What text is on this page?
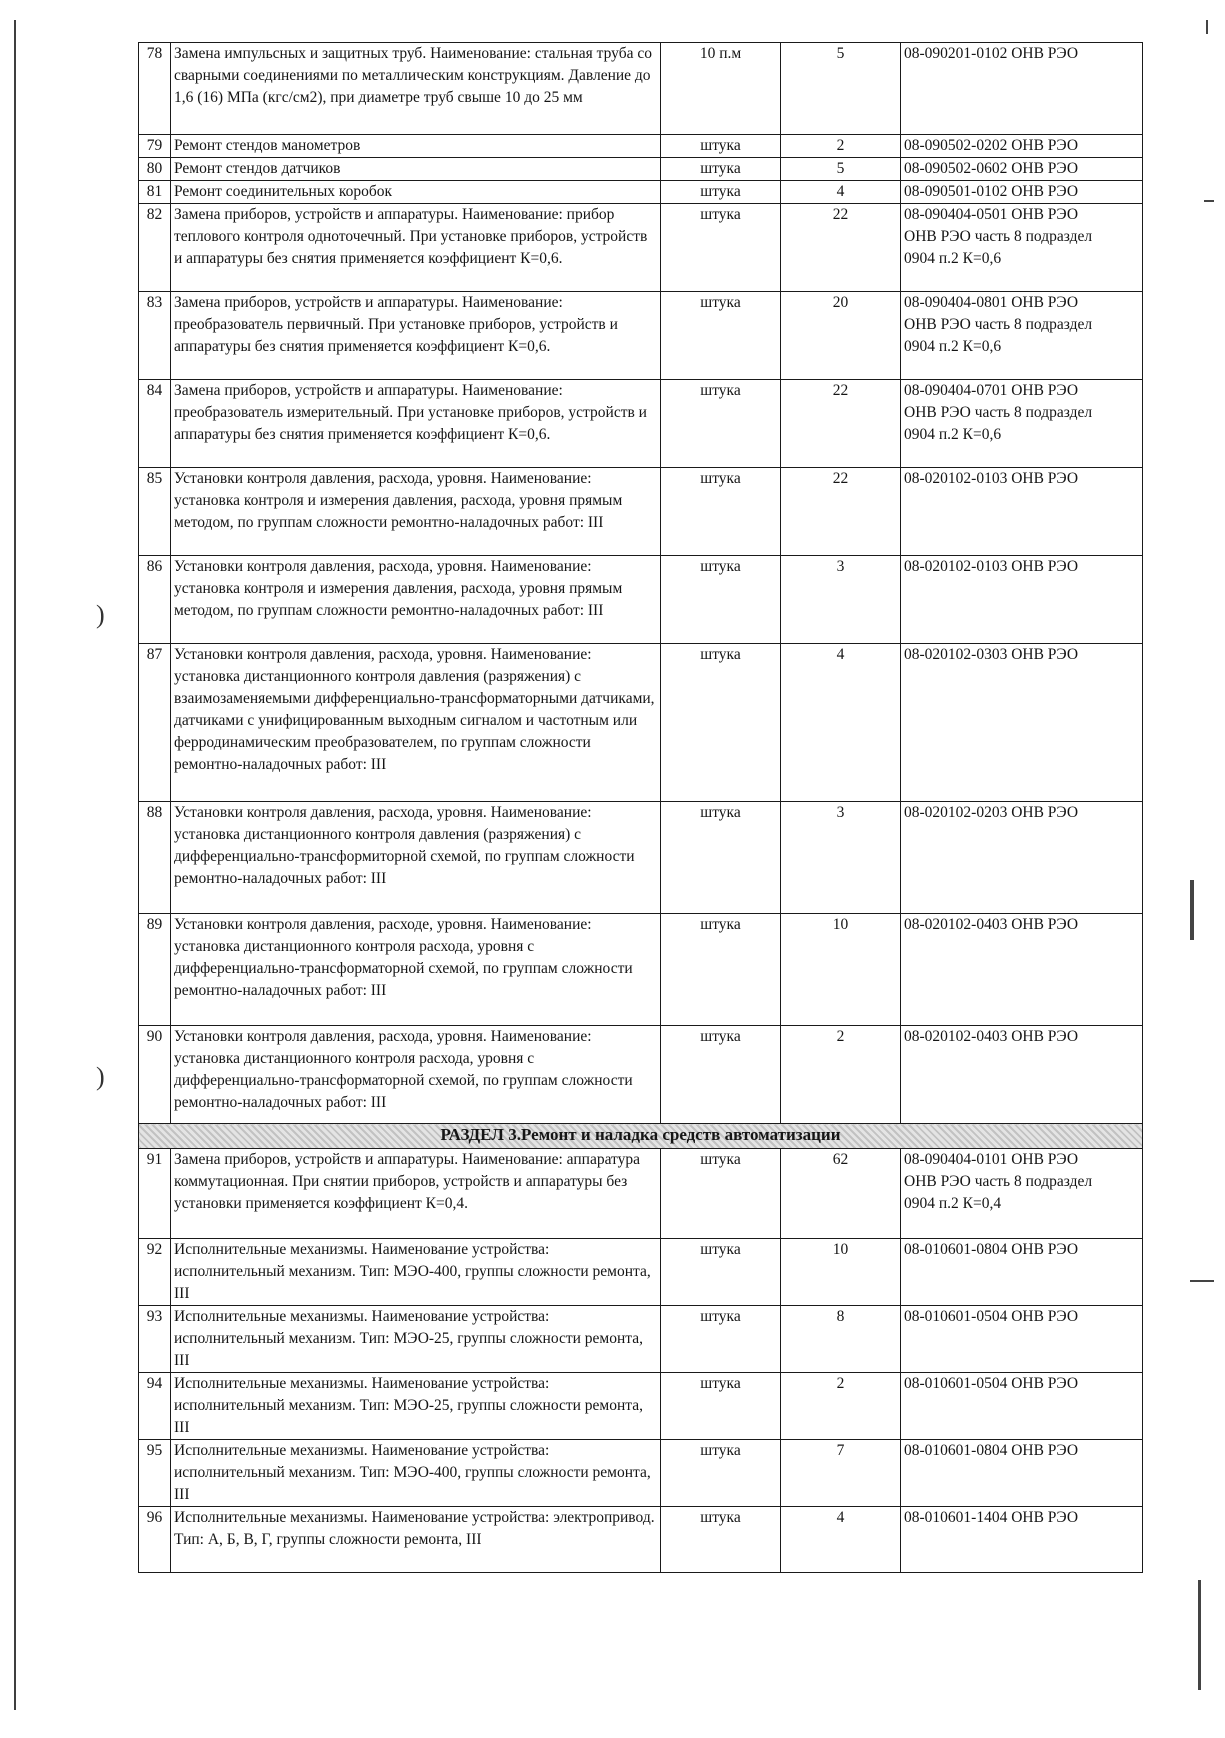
)
)
78	Замена импульсных и защитных труб. Наименование: стальная труба со сварными соединениями по металлическим конструкциям. Давление до 1,6 (16) МПа (кгс/см2), при диаметре труб свыше 10 до 25 мм	10 п.м	5	08-090201-0102 ОНВ РЭО

79	Ремонт стендов манометров	штука	2	08-090502-0202 ОНВ РЭО

80	Ремонт стендов датчиков	штука	5	08-090502-0602 ОНВ РЭО

81	Ремонт соединительных коробок	штука	4	08-090501-0102 ОНВ РЭО

82	Замена приборов, устройств и аппаратуры. Наименование: прибор теплового контроля одноточечный. При установке приборов, устройств и аппаратуры без снятия применяется коэффициент К=0,6.	штука	22	08-090404-0501 ОНВ РЭО
ОНВ РЭО часть 8 подраздел
0904 п.2 К=0,6

83	Замена приборов, устройств и аппаратуры. Наименование: преобразователь первичный. При установке приборов, устройств и аппаратуры без снятия применяется коэффициент К=0,6.	штука	20	08-090404-0801 ОНВ РЭО
ОНВ РЭО часть 8 подраздел
0904 п.2 К=0,6

84	Замена приборов, устройств и аппаратуры. Наименование: преобразователь измерительный. При установке приборов, устройств и аппаратуры без снятия применяется коэффициент К=0,6.	штука	22	08-090404-0701 ОНВ РЭО
ОНВ РЭО часть 8 подраздел
0904 п.2 К=0,6

85	Установки контроля давления, расхода, уровня. Наименование: установка контроля и измерения давления, расхода, уровня прямым методом, по группам сложности ремонтно-наладочных работ: III	штука	22	08-020102-0103 ОНВ РЭО

86	Установки контроля давления, расхода, уровня. Наименование: установка контроля и измерения давления, расхода, уровня прямым методом, по группам сложности ремонтно-наладочных работ: III	штука	3	08-020102-0103 ОНВ РЭО

87	Установки контроля давления, расхода, уровня. Наименование: установка дистанционного контроля давления (разряжения) с взаимозаменяемыми дифференциально-трансформаторными датчиками, датчиками с унифицированным выходным сигналом и частотным или ферродинамическим преобразователем, по группам сложности ремонтно-наладочных работ: III	штука	4	08-020102-0303 ОНВ РЭО

88	Установки контроля давления, расхода, уровня. Наименование: установка дистанционного контроля давления (разряжения) с дифференциально-трансформиторной схемой, по группам сложности ремонтно-наладочных работ: III	штука	3	08-020102-0203 ОНВ РЭО

89	Установки контроля давления, расходе, уровня. Наименование: установка дистанционного контроля расхода, уровня с дифференциально-трансформаторной схемой, по группам сложности ремонтно-наладочных работ: III	штука	10	08-020102-0403 ОНВ РЭО

90	Установки контроля давления, расхода, уровня. Наименование: установка дистанционного контроля расхода, уровня с дифференциально-трансформаторной схемой, по группам сложности ремонтно-наладочных работ: III	штука	2	08-020102-0403 ОНВ РЭО

РАЗДЕЛ 3.Ремонт и наладка средств автоматизации				
91	Замена приборов, устройств и аппаратуры. Наименование: аппаратура коммутационная. При снятии приборов, устройств и аппаратуры без установки применяется коэффициент К=0,4.	штука	62	08-090404-0101 ОНВ РЭО
ОНВ РЭО часть 8 подраздел
0904 п.2 К=0,4

92	Исполнительные механизмы. Наименование устройства: исполнительный механизм. Тип: МЭО-400, группы сложности ремонта, III	штука	10	08-010601-0804 ОНВ РЭО

93	Исполнительные механизмы. Наименование устройства: исполнительный механизм. Тип: МЭО-25, группы сложности ремонта, III	штука	8	08-010601-0504 ОНВ РЭО

94	Исполнительные механизмы. Наименование устройства: исполнительный механизм. Тип: МЭО-25, группы сложности ремонта, III	штука	2	08-010601-0504 ОНВ РЭО

95	Исполнительные механизмы. Наименование устройства: исполнительный механизм. Тип: МЭО-400, группы сложности ремонта, III	штука	7	08-010601-0804 ОНВ РЭО

96	Исполнительные механизмы. Наименование устройства: электропривод. Тип: А, Б, В, Г, группы сложности ремонта, III	штука	4	08-010601-1404 ОНВ РЭО
